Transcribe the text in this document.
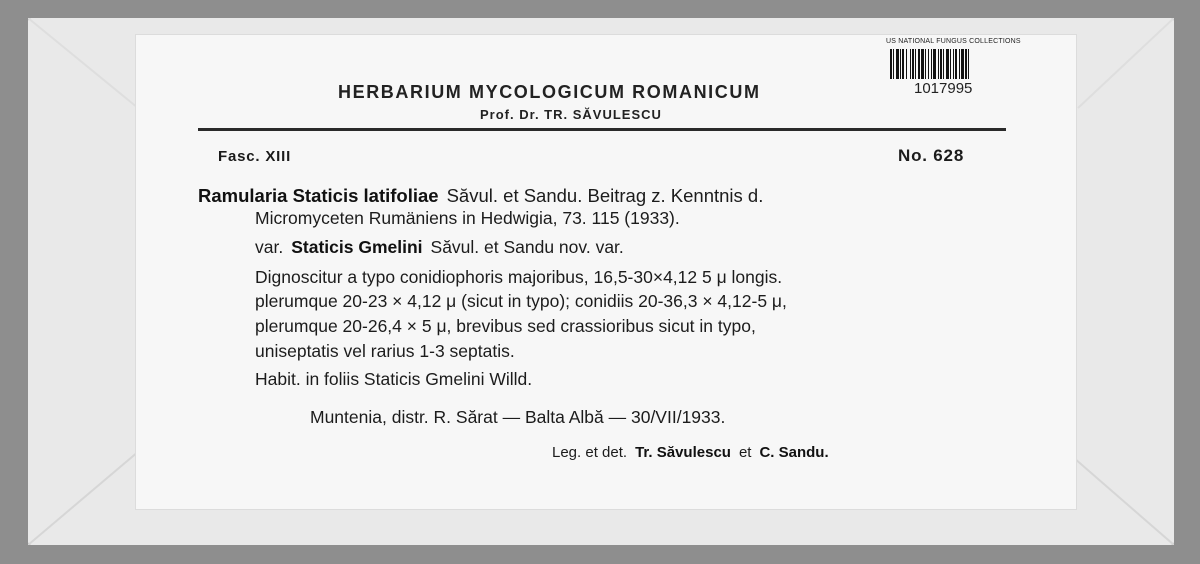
US NATIONAL FUNGUS COLLECTIONS
1017995
HERBARIUM MYCOLOGICUM ROMANICUM
Prof. Dr. TR. SĂVULESCU
Fasc. XIII	No. 628
Ramularia Staticis latifoliae Săvul. et Sandu. Beitrag z. Kenntnis d.
Micromyceten Rumäniens in Hedwigia, 73. 115 (1933).
var. Staticis Gmelini Săvul. et Sandu nov. var.
Dignoscitur a typo conidiophoris majoribus, 16,5-30×4,12 5 μ longis.
plerumque 20-23 × 4,12 μ (sicut in typo); conidiis 20-36,3 × 4,12-5 μ,
plerumque 20-26,4 × 5 μ, brevibus sed crassioribus sicut in typo,
uniseptatis vel rarius 1-3 septatis.
Habit. in foliis Staticis Gmelini Willd.
Muntenia, distr. R. Sărat — Balta Albă — 30/VII/1933.
Leg. et det. Tr. Săvulescu et C. Sandu.
